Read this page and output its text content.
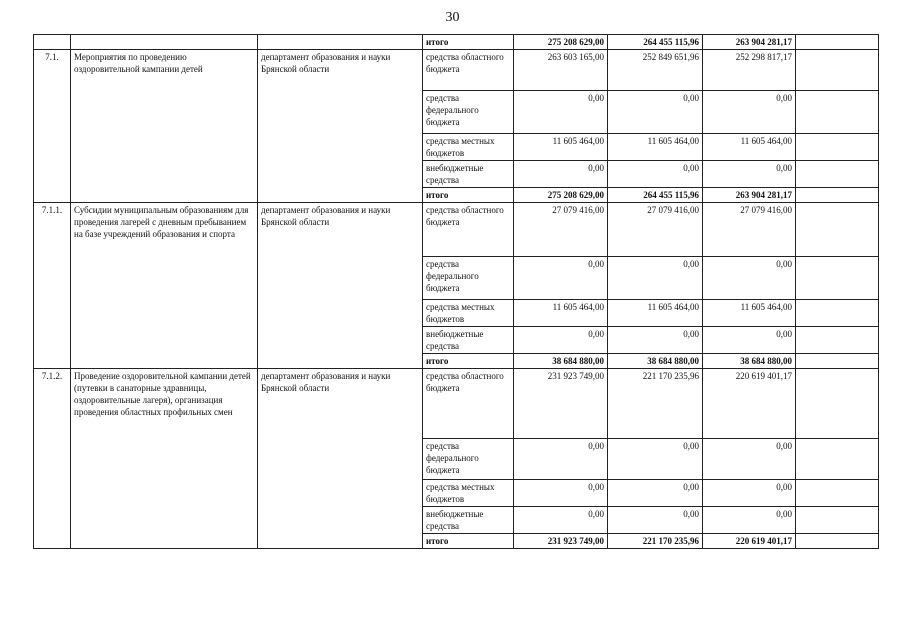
30
			итого	275 208 629,00	264 455 115,96	263 904 281,17	
7.1.	Мероприятия по проведению оздоровительной кампании детей	департамент образования и науки Брянской области	средства областного бюджета	263 603 165,00	252 849 651,96	252 298 817,17	
			средства федерального бюджета	0,00	0,00	0,00	
			средства местных бюджетов	11 605 464,00	11 605 464,00	11 605 464,00	
			внебюджетные средства	0,00	0,00	0,00	
			итого	275 208 629,00	264 455 115,96	263 904 281,17	
7.1.1.	Субсидии муниципальным образованиям для проведения лагерей с дневным пребыванием на базе учреждений образования и спорта	департамент образования и науки Брянской области	средства областного бюджета	27 079 416,00	27 079 416,00	27 079 416,00	
			средства федерального бюджета	0,00	0,00	0,00	
			средства местных бюджетов	11 605 464,00	11 605 464,00	11 605 464,00	
			внебюджетные средства	0,00	0,00	0,00	
			итого	38 684 880,00	38 684 880,00	38 684 880,00	
7.1.2.	Проведение оздоровительной кампании детей (путевки в санаторные здравницы, оздоровительные лагеря), организация проведения областных профильных смен	департамент образования и науки Брянской области	средства областного бюджета	231 923 749,00	221 170 235,96	220 619 401,17	
			средства федерального бюджета	0,00	0,00	0,00	
			средства местных бюджетов	0,00	0,00	0,00	
			внебюджетные средства	0,00	0,00	0,00	
			итого	231 923 749,00	221 170 235,96	220 619 401,17	
